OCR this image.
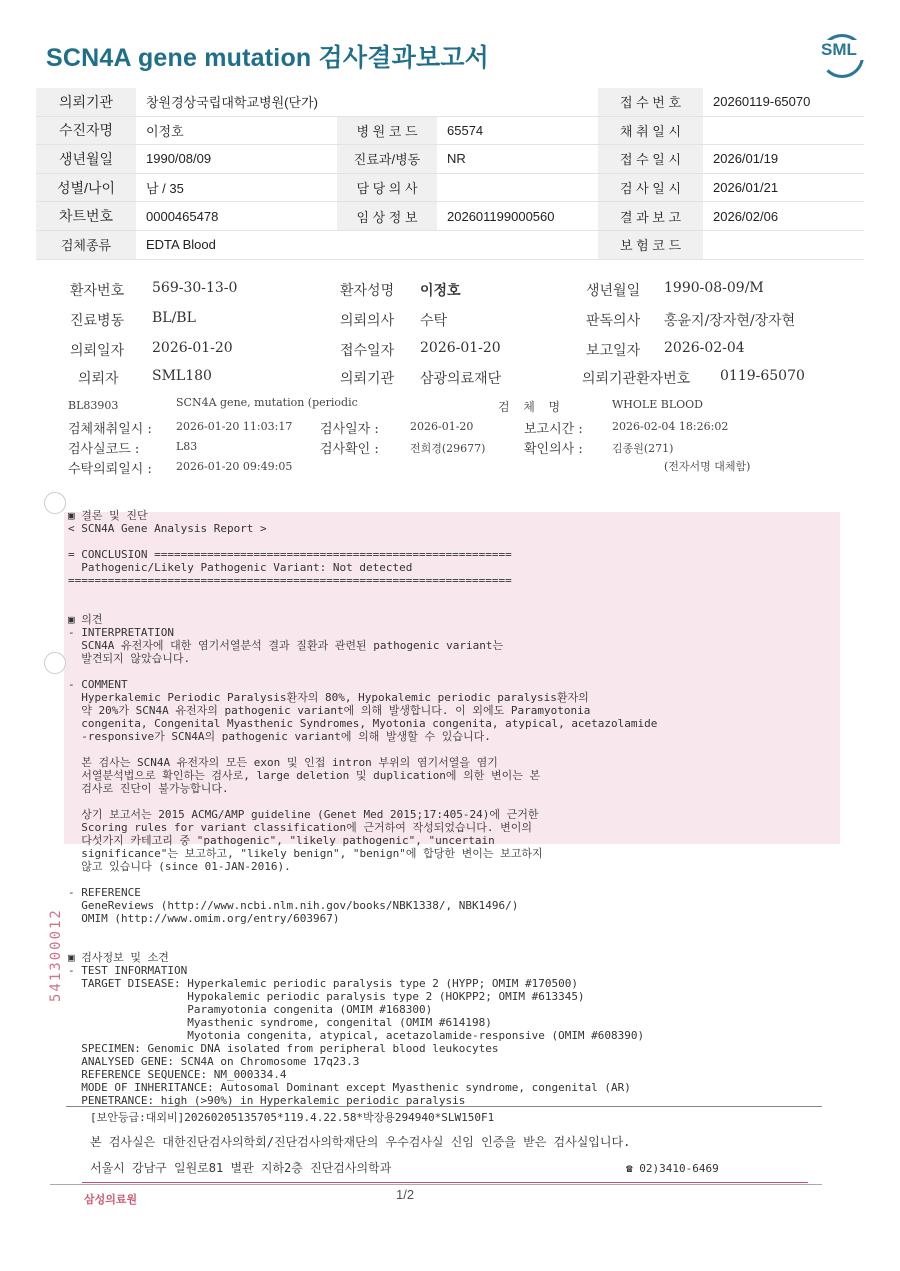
SCN4A gene mutation 검사결과보고서	SML
의뢰기관	창원경상국립대학교병원(단가)			접 수 번 호	20260119-65070
수진자명	이정호	병 원 코 드	65574	채 취 일 시	
생년월일	1990/08/09	진료과/병동	NR	접 수 일 시	2026/01/19
성별/나이	남 / 35	담 당 의 사		검 사 일 시	2026/01/21
차트번호	0000465478	임 상 정 보	202601199000560	결 과 보 고	2026/02/06
검체종류	EDTA Blood			보 험 코 드	
환자번호 569-30-13-0	환자성명 이정호	생년월일 1990-08-09/M
진료병동 BL/BL	의뢰의사 수탁	판독의사 홍윤지/장자현/장자현
의뢰일자 2026-01-20	접수일자 2026-01-20	보고일자 2026-02-04
의뢰자 SML180	의뢰기관 삼광의료재단	의뢰기관환자번호 0119-65070
BL83903	SCN4A gene, mutation (periodic	검  체  명	WHOLE BLOOD
검체채취일시 : 2026-01-20 11:03:17 검사일자 :	2026-01-20	보고시간 :	2026-02-04 18:26:02
검사실코드 :	L83	검사확인 :	전희경(29677)	확인의사 :	김종원(271)
수탁의뢰일시 : 2026-01-20 09:49:05	(전자서명 대체함)
▣ 결론 및 진단
< SCN4A Gene Analysis Report >
= CONCLUSION ======================================================
Pathogenic/Likely Pathogenic Variant: Not detected
===================================================================
▣ 의견
- INTERPRETATION
SCN4A 유전자에 대한 염기서열분석 결과 질환과 관련된 pathogenic variant는
발견되지 않았습니다.
- COMMENT
Hyperkalemic Periodic Paralysis환자의 80%, Hypokalemic periodic paralysis환자의
약 20%가 SCN4A 유전자의 pathogenic variant에 의해 발생합니다. 이 외에도 Paramyotonia
congenita, Congenital Myasthenic Syndromes, Myotonia congenita, atypical, acetazolamide
-responsive가 SCN4A의 pathogenic variant에 의해 발생할 수 있습니다.
본 검사는 SCN4A 유전자의 모든 exon 및 인접 intron 부위의 염기서열을 염기
서열분석법으로 확인하는 검사로, large deletion 및 duplication에 의한 변이는 본
검사로 진단이 불가능합니다.
상기 보고서는 2015 ACMG/AMP guideline (Genet Med 2015;17:405-24)에 근거한
Scoring rules for variant classification에 근거하여 작성되었습니다. 변이의
다섯가지 카테고리 중 "pathogenic", "likely pathogenic", "uncertain
significance"는 보고하고, "likely benign", "benign"에 합당한 변이는 보고하지
않고 있습니다 (since 01-JAN-2016).
- REFERENCE
GeneReviews (http://www.ncbi.nlm.nih.gov/books/NBK1338/, NBK1496/)
OMIM (http://www.omim.org/entry/603967)
▣ 검사정보 및 소견
- TEST INFORMATION
TARGET DISEASE: Hyperkalemic periodic paralysis type 2 (HYPP; OMIM #170500)
Hypokalemic periodic paralysis type 2 (HOKPP2; OMIM #613345)
Paramyotonia congenita (OMIM #168300)
Myasthenic syndrome, congenital (OMIM #614198)
Myotonia congenita, atypical, acetazolamide-responsive (OMIM #608390)
SPECIMEN: Genomic DNA isolated from peripheral blood leukocytes
ANALYSED GENE: SCN4A on Chromosome 17q23.3
REFERENCE SEQUENCE: NM_000334.4
MODE OF INHERITANCE: Autosomal Dominant except Myasthenic syndrome, congenital (AR)
PENETRANCE: high (>90%) in Hyperkalemic periodic paralysis
541300012
[보안등급:대외비]20260205135705*119.4.22.58*박장용294940*SLW150F1
본 검사실은 대한진단검사의학회/진단검사의학재단의 우수검사실 신임 인증을 받은 검사실입니다.
서울시 강남구 일원로81 별관 지하2층 진단검사의학과	☎ 02)3410-6469
삼성의료원	1/2
